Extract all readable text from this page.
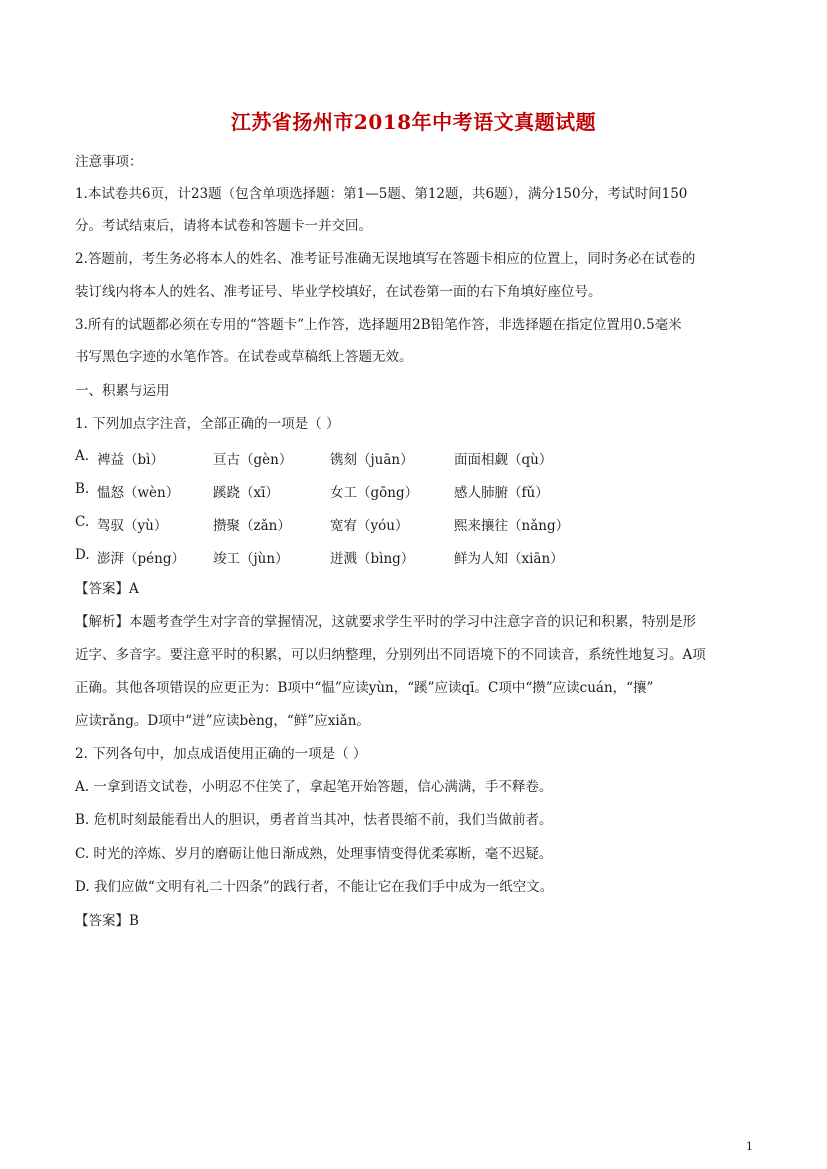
江苏省扬州市2018年中考语文真题试题
注意事项：
1.本试卷共6页，计23题（包含单项选择题：第1—5题、第12题，共6题），满分150分，考试时间150
分。考试结束后，请将本试卷和答题卡一并交回。
2.答题前，考生务必将本人的姓名、准考证号准确无误地填写在答题卡相应的位置上，同时务必在试卷的
装订线内将本人的姓名、准考证号、毕业学校填好，在试卷第一面的右下角填好座位号。
3.所有的试题都必须在专用的“答题卡”上作答，选择题用2B铅笔作答，非选择题在指定位置用0.5毫米
书写黑色字迹的水笔作答。在试卷或草稿纸上答题无效。
一、积累与运用
1. 下列加点字注音，全部正确的一项是（ ）
A. 裨益（bì）	亘古（gèn）	镌刻（juān）	面面相觑（qù）
B. 愠怒（wèn）	蹊跷（xī）	女工（gōng）	感人肺腑（fǔ）
C. 驾驭（yù）	攒聚（zǎn）	宽宥（yóu）	熙来攘往（nǎng）
D. 澎湃（péng） 竣工（jùn）	迸溅（bìng）	鲜为人知（xiān）
【答案】A
【解析】本题考查学生对字音的掌握情况，这就要求学生平时的学习中注意字音的识记和积累，特别是形
近字、多音字。要注意平时的积累，可以归纳整理，分别列出不同语境下的不同读音，系统性地复习。A项
正确。其他各项错误的应更正为：B项中“愠”应读yùn，“蹊”应读qī。C项中“攒”应读cuán，“攘”
应读rǎng。D项中“迸”应读bèng，“鲜”应xiǎn。
2. 下列各句中，加点成语使用正确的一项是（ ）
A. 一拿到语文试卷，小明忍不住笑了，拿起笔开始答题，信心满满，手不释卷。
B. 危机时刻最能看出人的胆识，勇者首当其冲，怯者畏缩不前，我们当做前者。
C. 时光的淬炼、岁月的磨砺让他日渐成熟，处理事情变得优柔寡断，毫不迟疑。
D. 我们应做“文明有礼二十四条”的践行者，不能让它在我们手中成为一纸空文。
【答案】B
1
